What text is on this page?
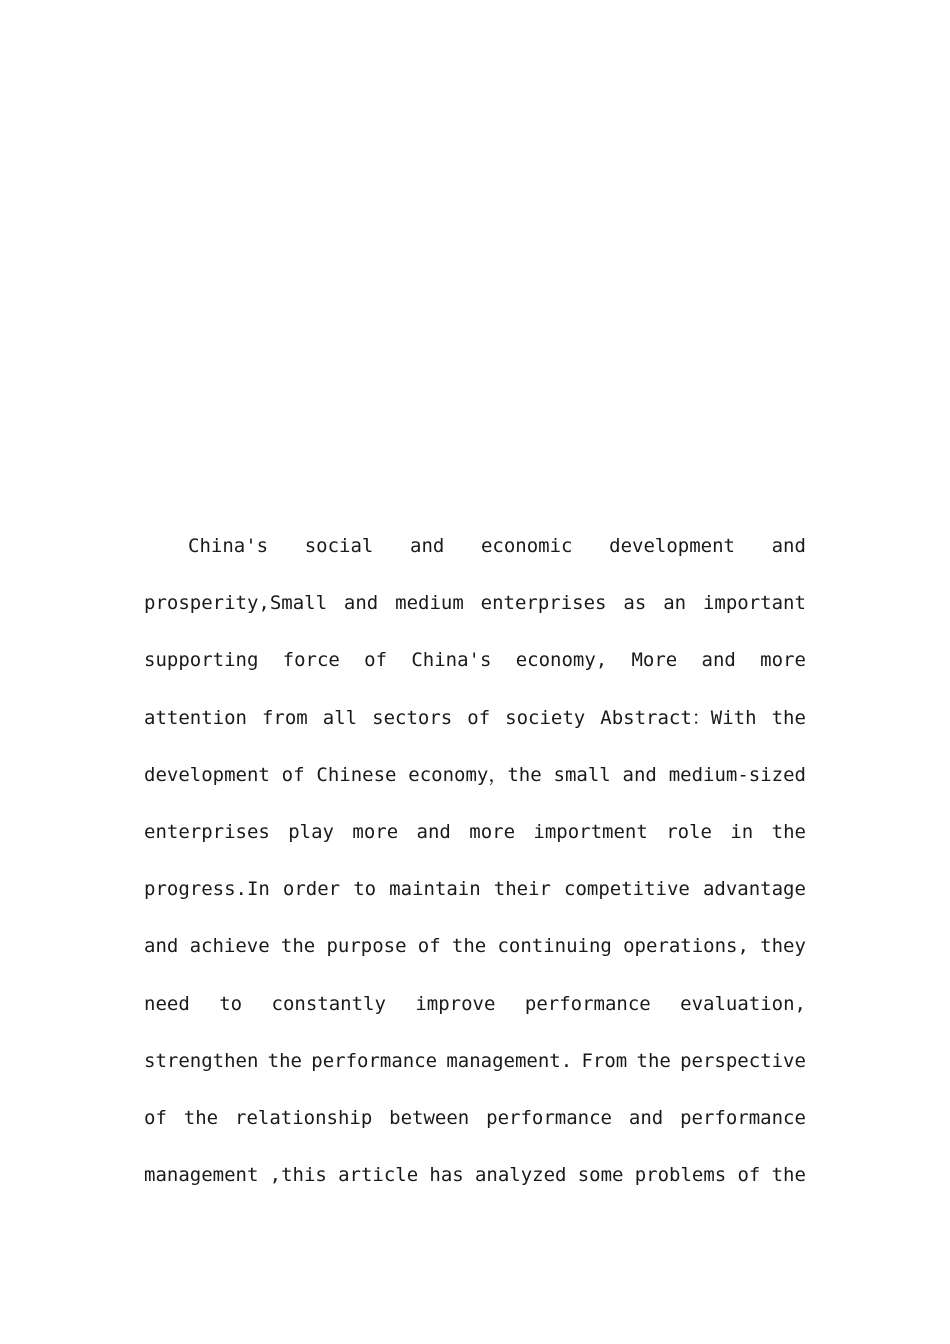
China's social and economic development and
prosperity,Small and medium enterprises as an important
supporting force of China's economy, More and more
attention from all sectors of society Abstract：With the
development of Chinese economy，the small and medium-sized
enterprises play more and more importment role in the
progress.In order to maintain their competitive advantage
and achieve the purpose of the continuing operations, they
need to constantly improve performance evaluation,
strengthen the performance management. From the perspective
of the relationship between performance and performance
management ,this article has analyzed some problems of the
